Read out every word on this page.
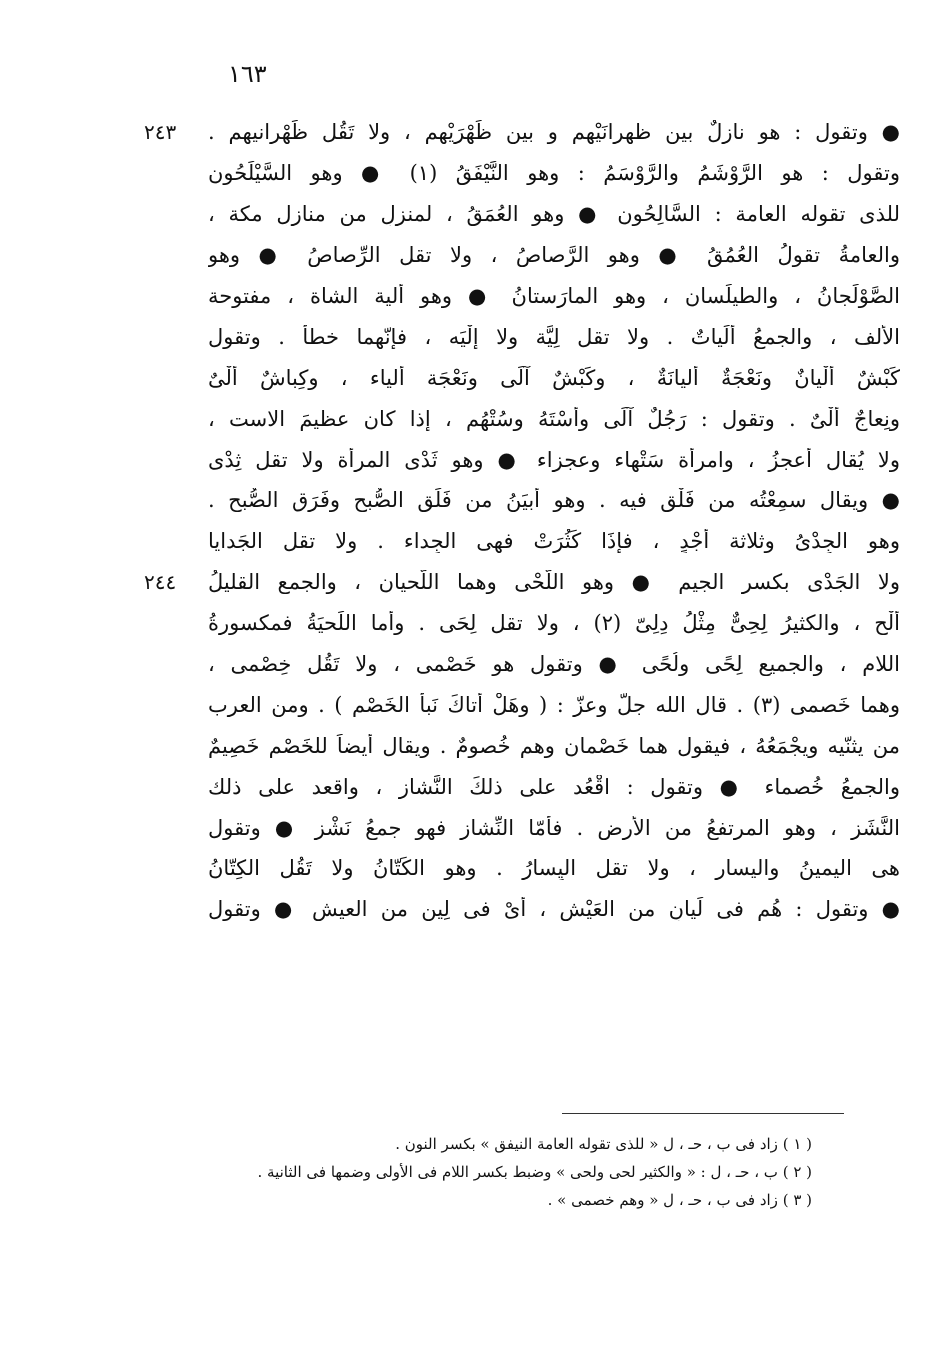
١٦٣
٢٤٣	● وتقول : هو نازلٌ بين ظهرانَيْهِم و بين ظَهْرَيْهِم ، ولا تَقُل ظَهْرانيهِم .
وتقول : هو الرَّوْشَمُ والرَّوْسَمُ : وهو النَّيْفَقُ (١) ● وهو السَّيْلَحُون
للذى تقوله العامة : السَّالِحُون ● وهو العُمَقُ ، لمنزلٍ من منازلِ مكة ،
والعامةُ تقولُ العُمُقُ ● وهو الرَّصاصُ ، ولا تقل الرِّصاصُ ● وهو
الصَّوْلَجانُ ، والطيلَسان ، وهو المارَستانُ ● وهو أَلية الشاة ، مفتوحة
الألف ، والجمعُ أَلَياتٌ . ولا تقل لِيَّة ولا إِلْيَه ، فإنّهما خطأٌ . وتقول
كَبْشٌ أَلْيانٌ ونَعْجَةٌ أَليانَةٌ ، وكَبْشٌ آلَى ونَعْجَة أَلياء ، وكِباشٌ أُلْىٌ
ونِعاجٌ أُلْىٌ . وتقول : رَجُلٌ آلَى وأَسْتَهُ وسُتْهُم ، إذا كان عظيمَ الاست ،
ولا يُقال أعجزُ ، وامرأة سَتْهاء وعجزاء ● وهو ثَدْى المرأة ولا تقل ثِدْى
● ويقال سمِعْتُه من فَلْق فيه . وهو أبيَنُ من فَلَق الصُّبح وفَرَق الصُّبح .
وهو الجِدْىُ وثلاثة أَجْدٍ ، فإذَا كَثُرَتْ فهى الجِداء . ولا تقل الجَدايا
٢٤٤	ولا الجَدْى بكسرِ الجيم ● وهو اللَّحْى وهما اللَّحيانِ ، والجمع القليلُ
أَلْحٍ ، والكثيرُ لِحِىٌّ مِثْلُ دِلِىّ (٢) ، ولا تقل لِحَى . وأما اللِّحيَةُ فمكسورةُ
اللام ، والجميع لِحًى ولُحًى ● وتقول هو خَصْمى ، ولا تَقُل خِصْمى ،
وهما خَصمى (٣) . قال الله جلّ وعزّ : ( وهَلْ أتاكَ نَبأُ الخَصْمِ ) . ومن العرب
من يثنّيه ويجْمَعُهُ ، فيقول هما خَصْمان وهم خُصومٌ . ويقال أيضاً للخَصْم خَصِيمٌ
والجمعُ خُصماء ● وتقول : اقْعُد على ذلكَ النَّشاز ، واقعد على ذلك
النَّشَز ، وهو المرتفعُ من الأرض . فأمّا النِّشاز فهو جمعُ نَشْزٍ ● وتقول
هى اليمينُ واليسار ، ولا تقل اليِسارُ . وهو الكَتّانُ ولا تَقُل الكِتّانُ
● وتقول : هُم فى لَيانٍ من العَيْش ، أَىْ فى لِينٍ من العيشِ ● وتقول
( ١ ) زاد فى ب ، حـ ، ل « للذى تقوله العامة النيفق » بكسر النون .
( ٢ ) ب ، حـ ، ل : « والكثير لحى ولحى » وضبط بكسر اللام فى الأولى وضمها فى الثانية .
( ٣ ) زاد فى ب ، حـ ، ل « وهم خصمى » .
